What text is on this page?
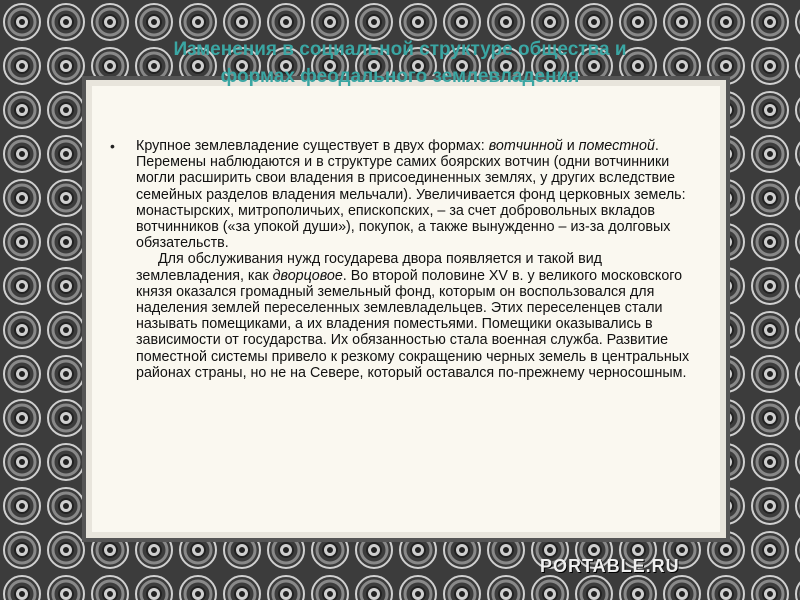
Изменения в социальной структуре общества и
формах феодального землевладения
• Крупное землевладение существует в двух формах: вотчинной и поместной. Перемены наблюдаются и в структуре самих боярских вотчин (одни вотчинники могли расширить свои владения в присоединенных землях, у других вследствие семейных разделов владения мельчали). Увеличивается фонд церковных земель: монастырских, митрополичьих, епископских, – за счет добровольных вкладов вотчинников («за упокой души»), покупок, а также вынужденно – из-за долговых обязательств.
Для обслуживания нужд государева двора появляется и такой вид землевладения, как дворцовое. Во второй половине XV в. у великого московского князя оказался громадный земельный фонд, которым он воспользовался для наделения землей переселенных землевладельцев. Этих переселенцев стали называть помещиками, а их владения поместьями. Помещики оказывались в зависимости от государства. Их обязанностью стала военная служба. Развитие поместной системы привело к резкому сокращению черных земель в центральных районах страны, но не на Севере, который оставался по-прежнему черносошным.
PORTABLE.RU
